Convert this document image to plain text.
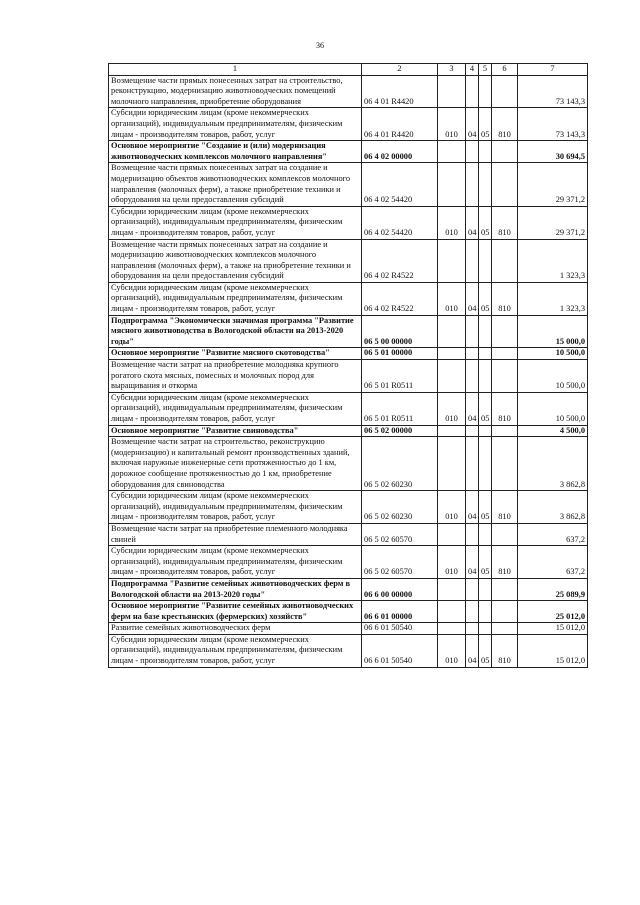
36
1	2	3	4	5	6	7
Возмещение части прямых понесенных затрат на строительство, реконструкцию, модернизацию животноводческих помещений молочного направления, приобретение оборудования	06 4 01 R4420					73 143,3
Субсидии юридическим лицам (кроме некоммерческих организаций), индивидуальным предпринимателям, физическим лицам - производителям товаров, работ, услуг	06 4 01 R4420	010	04	05	810	73 143,3
Основное мероприятие "Создание и (или) модернизация животноводческих комплексов молочного направления"	06 4 02 00000					30 694,5
Возмещение части прямых понесенных затрат на создание и модернизацию объектов животноводческих комплексов молочного направления (молочных ферм), а также приобретение техники и оборудования на цели предоставления субсидий	06 4 02 54420					29 371,2
Субсидии юридическим лицам (кроме некоммерческих организаций), индивидуальным предпринимателям, физическим лицам - производителям товаров, работ, услуг	06 4 02 54420	010	04	05	810	29 371,2
Возмещение части прямых понесенных затрат на создание и модернизацию животноводческих комплексов молочного направления (молочных ферм), а также на приобретение техники и оборудования на цели предоставления субсидий	06 4 02 R4522					1 323,3
Субсидии юридическим лицам (кроме некоммерческих организаций), индивидуальным предпринимателям, физическим лицам - производителям товаров, работ, услуг	06 4 02 R4522	010	04	05	810	1 323,3
Подпрограмма "Экономически значимая программа "Развитие мясного животноводства в Вологодской области на 2013-2020 годы"	06 5 00 00000					15 000,0
Основное мероприятие "Развитие мясного скотоводства"	06 5 01 00000					10 500,0
Возмещение части затрат на приобретение молодняка крупного рогатого скота мясных, помесных и молочных пород для выращивания и откорма	06 5 01 R0511					10 500,0
Субсидии юридическим лицам (кроме некоммерческих организаций), индивидуальным предпринимателям, физическим лицам - производителям товаров, работ, услуг	06 5 01 R0511	010	04	05	810	10 500,0
Основное мероприятие "Развитие свиноводства"	06 5 02 00000					4 500,0
Возмещение части затрат на строительство, реконструкцию (модернизацию) и капитальный ремонт производственных зданий, включая наружные инженерные сети протяженностью до 1 км, дорожное сообщение протяженностью до 1 км, приобретение оборудования для свиноводства	06 5 02 60230					3 862,8
Субсидии юридическим лицам (кроме некоммерческих организаций), индивидуальным предпринимателям, физическим лицам - производителям товаров, работ, услуг	06 5 02 60230	010	04	05	810	3 862,8
Возмещение части затрат на приобретение племенного молодняка свиней	06 5 02 60570					637,2
Субсидии юридическим лицам (кроме некоммерческих организаций), индивидуальным предпринимателям, физическим лицам - производителям товаров, работ, услуг	06 5 02 60570	010	04	05	810	637,2
Подпрограмма "Развитие семейных животноводческих ферм в Вологодской области на 2013-2020 годы"	06 6 00 00000					25 089,9
Основное мероприятие "Развитие семейных животноводческих ферм на базе крестьянских (фермерских) хозяйств"	06 6 01 00000					25 012,0
Развитие семейных животноводческих ферм	06 6 01 50540					15 012,0
Субсидии юридическим лицам (кроме некоммерческих организаций), индивидуальным предпринимателям, физическим лицам - производителям товаров, работ, услуг	06 6 01 50540	010	04	05	810	15 012,0
